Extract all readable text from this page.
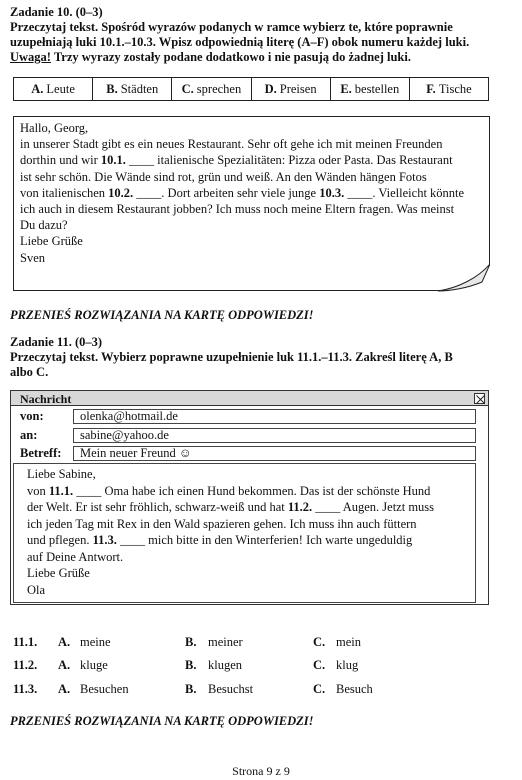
Zadanie 10. (0–3)
Przeczytaj tekst. Spośród wyrazów podanych w ramce wybierz te, które poprawnie
uzupełniają luki 10.1.–10.3. Wpisz odpowiednią literę (A–F) obok numeru każdej luki.
Uwaga! Trzy wyrazy zostały podane dodatkowo i nie pasują do żadnej luki.
A. Leute	B. Städten C. sprechen D. Preisen E. bestellen F. Tische
Hallo, Georg,
in unserer Stadt gibt es ein neues Restaurant. Sehr oft gehe ich mit meinen Freunden
dorthin und wir 10.1. ____ italienische Spezialitäten: Pizza oder Pasta. Das Restaurant
ist sehr schön. Die Wände sind rot, grün und weiß. An den Wänden hängen Fotos
von italienischen 10.2. ____. Dort arbeiten sehr viele junge 10.3. ____. Vielleicht könnte
ich auch in diesem Restaurant jobben? Ich muss noch meine Eltern fragen. Was meinst
Du dazu?
Liebe Grüße
Sven
PRZENIEŚ ROZWIĄZANIA NA KARTĘ ODPOWIEDZI!
Zadanie 11. (0–3)
Przeczytaj tekst. Wybierz poprawne uzupełnienie luk 11.1.–11.3. Zakreśl literę A, B
albo C.
Nachricht
von:	olenka@hotmail.de
an:	sabine@yahoo.de
Betreff:	Mein neuer Freund ☺
Liebe Sabine,
von 11.1. ____ Oma habe ich einen Hund bekommen. Das ist der schönste Hund
der Welt. Er ist sehr fröhlich, schwarz-weiß und hat 11.2. ____ Augen. Jetzt muss
ich jeden Tag mit Rex in den Wald spazieren gehen. Ich muss ihn auch füttern
und pflegen. 11.3. ____ mich bitte in den Winterferien! Ich warte ungeduldig
auf Deine Antwort.
Liebe Grüße
Ola
11.1. A. meine	B. meiner	C. mein
11.2. A. kluge	B. klugen	C. klug
11.3. A. Besuchen	B. Besuchst	C. Besuch
PRZENIEŚ ROZWIĄZANIA NA KARTĘ ODPOWIEDZI!
Strona 9 z 9
